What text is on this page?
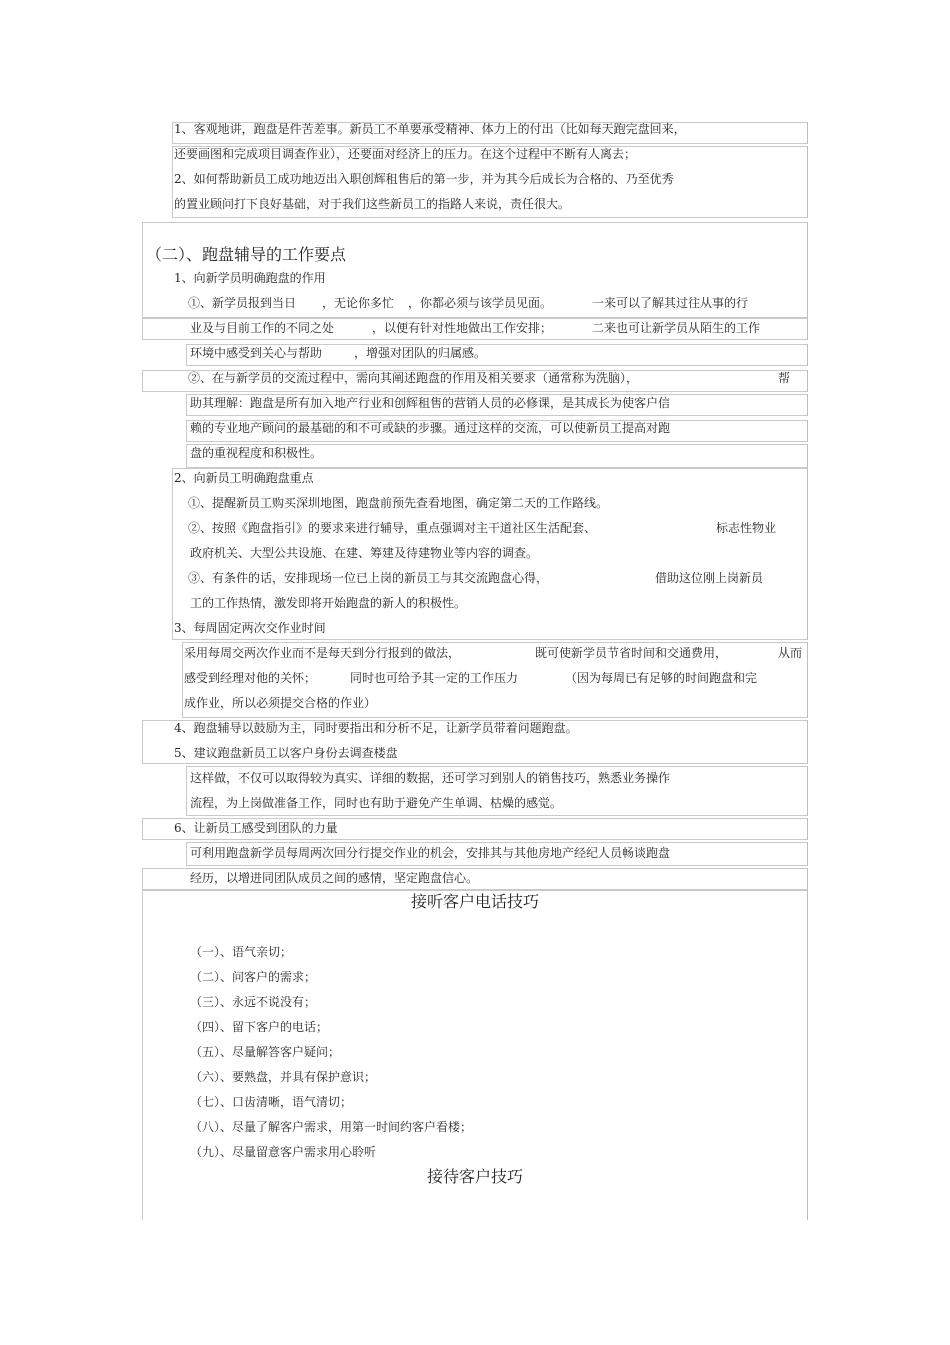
1、客观地讲，跑盘是件苦差事。新员工不单要承受精神、体力上的付出（比如每天跑完盘回来，
还要画图和完成项目调查作业），还要面对经济上的压力。在这个过程中不断有人离去；
2、如何帮助新员工成功地迈出入职创辉租售后的第一步，并为其今后成长为合格的、乃至优秀
的置业顾问打下良好基础，对于我们这些新员工的指路人来说，责任很大。
（二）、跑盘辅导的工作要点
1、向新学员明确跑盘的作用
①、新学员报到当日 ，无论你多忙 ，你都必须与该学员见面。	一来可以了解其过往从事的行
业及与目前工作的不同之处	，以便有针对性地做出工作安排；	二来也可让新学员从陌生的工作
环境中感受到关心与帮助	，增强对团队的归属感。
②、在与新学员的交流过程中，需向其阐述跑盘的作用及相关要求（通常称为洗脑），	帮
助其理解：跑盘是所有加入地产行业和创辉租售的营销人员的必修课，是其成长为使客户信
赖的专业地产顾问的最基础的和不可或缺的步骤。通过这样的交流，可以使新员工提高对跑
盘的重视程度和积极性。
2、向新员工明确跑盘重点
①、提醒新员工购买深圳地图，跑盘前预先查看地图，确定第二天的工作路线。
②、按照《跑盘指引》的要求来进行辅导，重点强调对主干道社区生活配套、	标志性物业
政府机关、大型公共设施、在建、筹建及待建物业等内容的调查。
③、有条件的话，安排现场一位已上岗的新员工与其交流跑盘心得，	借助这位刚上岗新员
工的工作热情，激发即将开始跑盘的新人的积极性。
3、每周固定两次交作业时间
采用每周交两次作业而不是每天到分行报到的做法，	既可使新学员节省时间和交通费用，	从而
感受到经理对他的关怀；	同时也可给予其一定的工作压力	（因为每周已有足够的时间跑盘和完
成作业，所以必须提交合格的作业）
4、跑盘辅导以鼓励为主，同时要指出和分析不足，让新学员带着问题跑盘。
5、建议跑盘新员工以客户身份去调查楼盘
这样做，不仅可以取得较为真实、详细的数据，还可学习到别人的销售技巧，熟悉业务操作
流程，为上岗做准备工作，同时也有助于避免产生单调、枯燥的感觉。
6、让新员工感受到团队的力量
可利用跑盘新学员每周两次回分行提交作业的机会，安排其与其他房地产经纪人员畅谈跑盘
经历，以增进同团队成员之间的感情，坚定跑盘信心。
接听客户电话技巧
（一）、语气亲切；
（二）、问客户的需求；
（三）、永远不说没有；
（四）、留下客户的电话；
（五）、尽量解答客户疑问；
（六）、要熟盘，并具有保护意识；
（七）、口齿清晰，语气清切；
（八）、尽量了解客户需求，用第一时间约客户看楼；
（九）、尽量留意客户需求用心聆听
接待客户技巧
